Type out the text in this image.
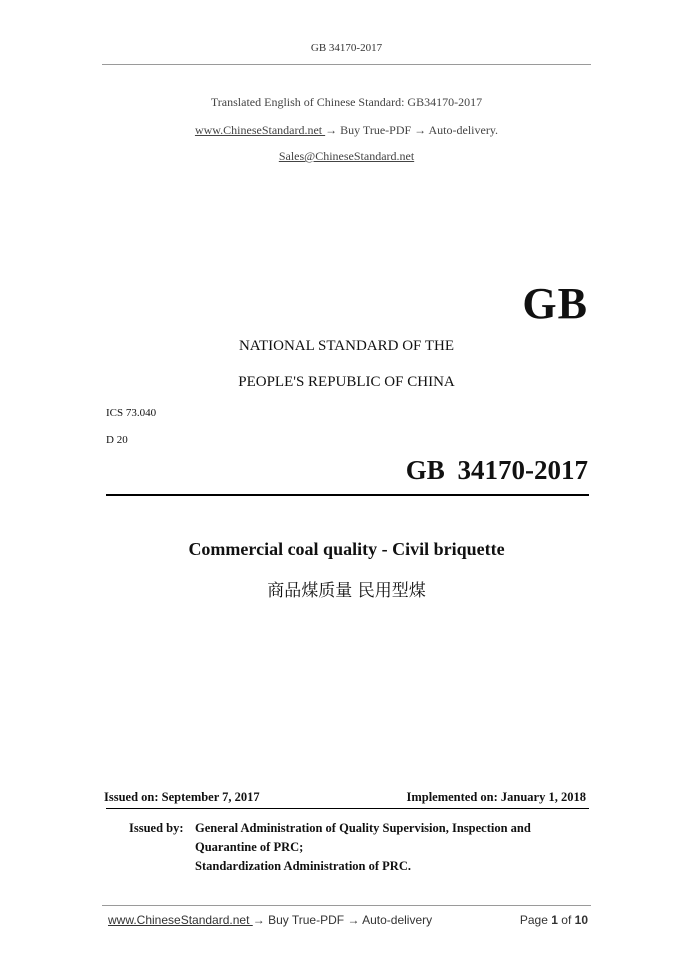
GB 34170-2017
Translated English of Chinese Standard: GB34170-2017
www.ChineseStandard.net → Buy True-PDF → Auto-delivery.
Sales@ChineseStandard.net
GB
NATIONAL STANDARD OF THE
PEOPLE'S REPUBLIC OF CHINA
ICS 73.040
D 20
GB 34170-2017
Commercial coal quality - Civil briquette
商品煤质量 民用型煤
Issued on: September 7, 2017	Implemented on: January 1, 2018
Issued by: General Administration of Quality Supervision, Inspection and
Quarantine of PRC;
Standardization Administration of PRC.
www.ChineseStandard.net → Buy True-PDF → Auto-delivery	Page 1 of 10
